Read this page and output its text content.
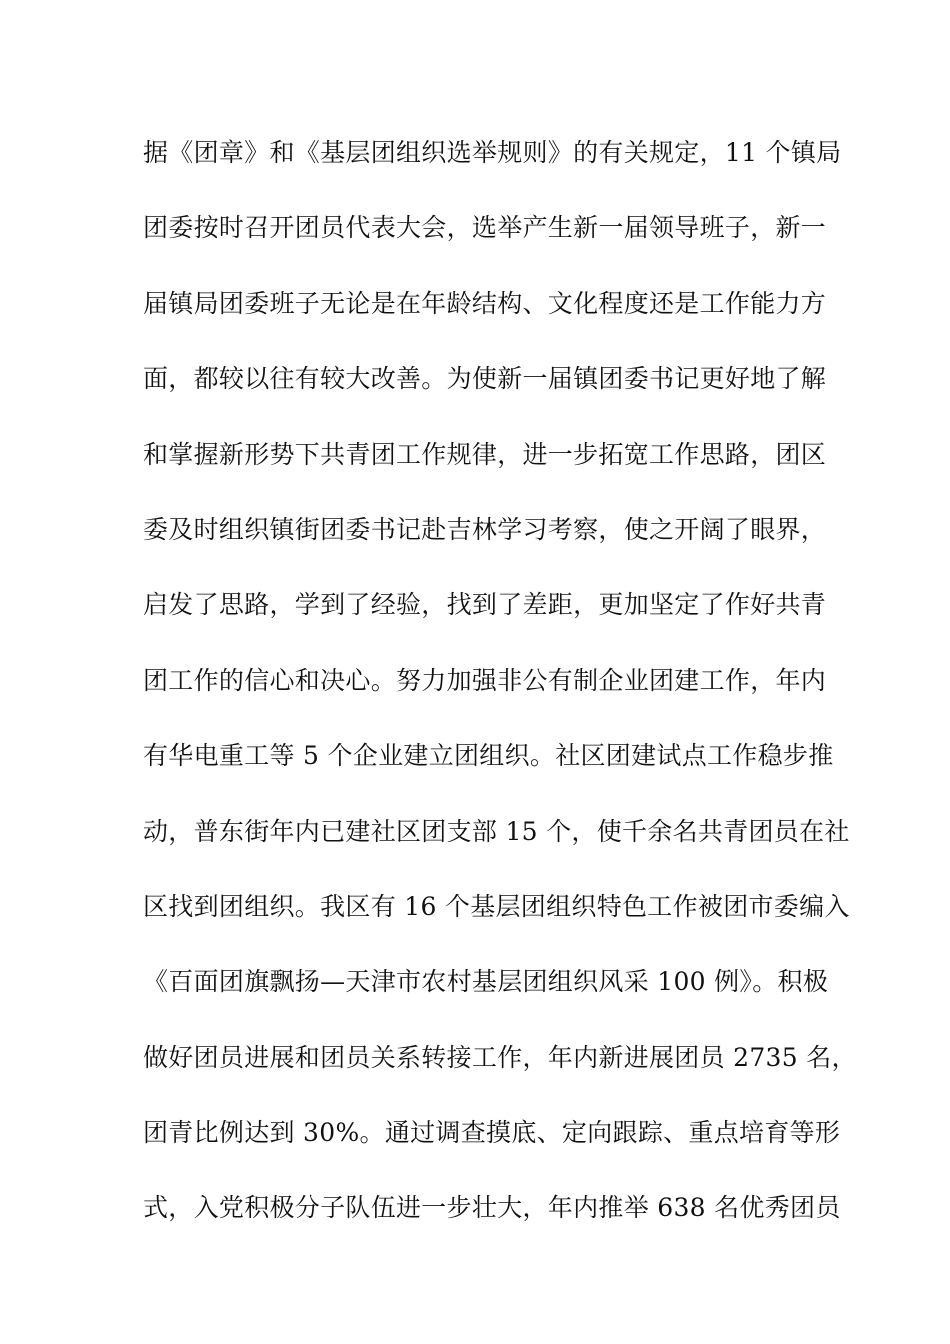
据《团章》和《基层团组织选举规则》的有关规定，11 个镇局
团委按时召开团员代表大会，选举产生新一届领导班子，新一
届镇局团委班子无论是在年龄结构、文化程度还是工作能力方
面，都较以往有较大改善。为使新一届镇团委书记更好地了解
和掌握新形势下共青团工作规律，进一步拓宽工作思路，团区
委及时组织镇街团委书记赴吉林学习考察，使之开阔了眼界，
启发了思路，学到了经验，找到了差距，更加坚定了作好共青
团工作的信心和决心。努力加强非公有制企业团建工作，年内
有华电重工等 5 个企业建立团组织。社区团建试点工作稳步推
动，普东街年内已建社区团支部 15 个，使千余名共青团员在社
区找到团组织。我区有 16 个基层团组织特色工作被团市委编入
《百面团旗飘扬—天津市农村基层团组织风采 100 例》。积极
做好团员进展和团员关系转接工作，年内新进展团员 2735 名，
团青比例达到 30%。通过调查摸底、定向跟踪、重点培育等形
式，入党积极分子队伍进一步壮大，年内推举 638 名优秀团员
